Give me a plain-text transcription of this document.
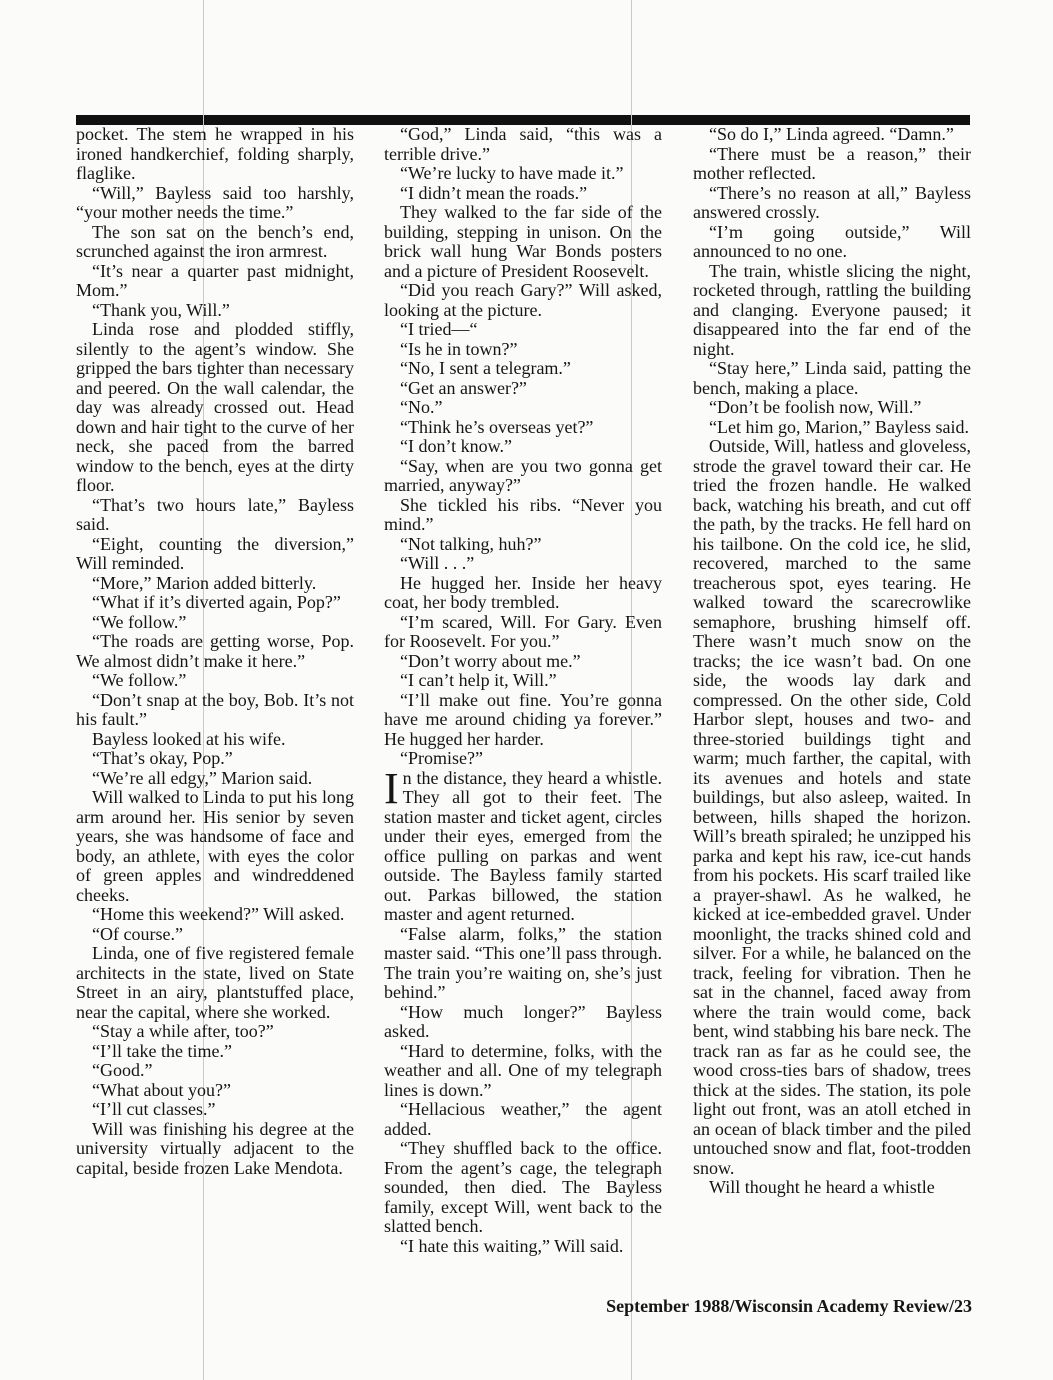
pocket. The stem he wrapped in his ironed handkerchief, folding sharply, flaglike.

“Will,” Bayless said too harshly, “your mother needs the time.”

The son sat on the bench’s end, scrunched against the iron armrest.

“It’s near a quarter past midnight, Mom.”

“Thank you, Will.”

Linda rose and plodded stiffly, silently to the agent’s window. She gripped the bars tighter than necessary and peered. On the wall calendar, the day was already crossed out. Head down and hair tight to the curve of her neck, she paced from the barred window to the bench, eyes at the dirty floor.

“That’s two hours late,” Bayless said.

“Eight, counting the diversion,” Will reminded.

“More,” Marion added bitterly.

“What if it’s diverted again, Pop?”

“We follow.”

“The roads are getting worse, Pop. We almost didn’t make it here.”

“We follow.”

“Don’t snap at the boy, Bob. It’s not his fault.”

Bayless looked at his wife.

“That’s okay, Pop.”

“We’re all edgy,” Marion said.

Will walked to Linda to put his long arm around her. His senior by seven years, she was handsome of face and body, an athlete, with eyes the color of green apples and windreddened cheeks.

“Home this weekend?” Will asked.

“Of course.”

Linda, one of five registered female architects in the state, lived on State Street in an airy, plantstuffed place, near the capital, where she worked.

“Stay a while after, too?”

“I’ll take the time.”

“Good.”

“What about you?”

“I’ll cut classes.”

Will was finishing his degree at the university virtually adjacent to the capital, beside frozen Lake Mendota.

“God,” Linda said, “this was a terrible drive.”

“We’re lucky to have made it.”

“I didn’t mean the roads.”

They walked to the far side of the building, stepping in unison. On the brick wall hung War Bonds posters and a picture of President Roosevelt.

“Did you reach Gary?” Will asked, looking at the picture.

“I tried—“

“Is he in town?”

“No, I sent a telegram.”

“Get an answer?”

“No.”

“Think he’s overseas yet?”

“I don’t know.”

“Say, when are you two gonna get married, anyway?”

She tickled his ribs. “Never you mind.”

“Not talking, huh?”

“Will . . .”

He hugged her. Inside her heavy coat, her body trembled.

“I’m scared, Will. For Gary. Even for Roosevelt. For you.”

“Don’t worry about me.”

“I can’t help it, Will.”

“I’ll make out fine. You’re gonna have me around chiding ya forever.” He hugged her harder.

“Promise?”

In the distance, they heard a whistle. They all got to their feet. The station master and ticket agent, circles under their eyes, emerged from the office pulling on parkas and went outside. The Bayless family started out. Parkas billowed, the station master and agent returned.

“False alarm, folks,” the station master said. “This one’ll pass through. The train you’re waiting on, she’s just behind.”

“How much longer?” Bayless asked.

“Hard to determine, folks, with the weather and all. One of my telegraph lines is down.”

“Hellacious weather,” the agent added.

“They shuffled back to the office. From the agent’s cage, the telegraph sounded, then died. The Bayless family, except Will, went back to the slatted bench.

“I hate this waiting,” Will said.

“So do I,” Linda agreed. “Damn.”

“There must be a reason,” their mother reflected.

“There’s no reason at all,” Bayless answered crossly.

“I’m going outside,” Will announced to no one.

The train, whistle slicing the night, rocketed through, rattling the building and clanging. Everyone paused; it disappeared into the far end of the night.

“Stay here,” Linda said, patting the bench, making a place.

“Don’t be foolish now, Will.”

“Let him go, Marion,” Bayless said.

Outside, Will, hatless and gloveless, strode the gravel toward their car. He tried the frozen handle. He walked back, watching his breath, and cut off the path, by the tracks. He fell hard on his tailbone. On the cold ice, he slid, recovered, marched to the same treacherous spot, eyes tearing. He walked toward the scarecrowlike semaphore, brushing himself off. There wasn’t much snow on the tracks; the ice wasn’t bad. On one side, the woods lay dark and compressed. On the other side, Cold Harbor slept, houses and two- and three-storied buildings tight and warm; much farther, the capital, with its avenues and hotels and state buildings, but also asleep, waited. In between, hills shaped the horizon. Will’s breath spiraled; he unzipped his parka and kept his raw, ice-cut hands from his pockets. His scarf trailed like a prayer-shawl. As he walked, he kicked at ice-embedded gravel. Under moonlight, the tracks shined cold and silver. For a while, he balanced on the track, feeling for vibration. Then he sat in the channel, faced away from where the train would come, back bent, wind stabbing his bare neck. The track ran as far as he could see, the wood cross-ties bars of shadow, trees thick at the sides. The station, its pole light out front, was an atoll etched in an ocean of black timber and the piled untouched snow and flat, foot-trodden snow.

Will thought he heard a whistle

September 1988/Wisconsin Academy Review/23
